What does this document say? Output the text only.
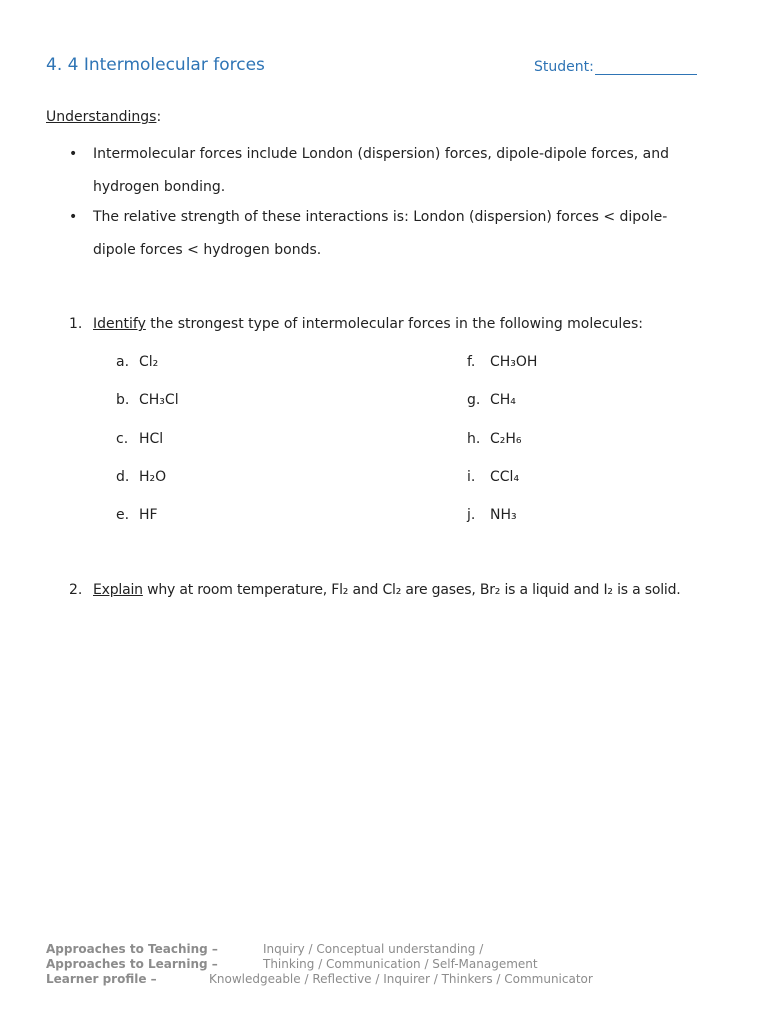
4. 4 Intermolecular forces	Student:
Understandings:
• Intermolecular forces include London (dispersion) forces, dipole-dipole forces, and
hydrogen bonding.
• The relative strength of these interactions is: London (dispersion) forces < dipole-
dipole forces < hydrogen bonds.
1. Identify the strongest type of intermolecular forces in the following molecules:
a. Cl₂
b. CH₃Cl
c. HCl
d. H₂O
e. HF
f. CH₃OH
g. CH₄
h. C₂H₆
i. CCl₄
j. NH₃
2. Explain why at room temperature, Fl₂ and Cl₂ are gases, Br₂ is a liquid and I₂ is a solid.
Approaches to Teaching –	Inquiry / Conceptual understanding /
Approaches to Learning –	Thinking / Communication / Self-Management
Learner profile –	Knowledgeable / Reflective / Inquirer / Thinkers / Communicator
